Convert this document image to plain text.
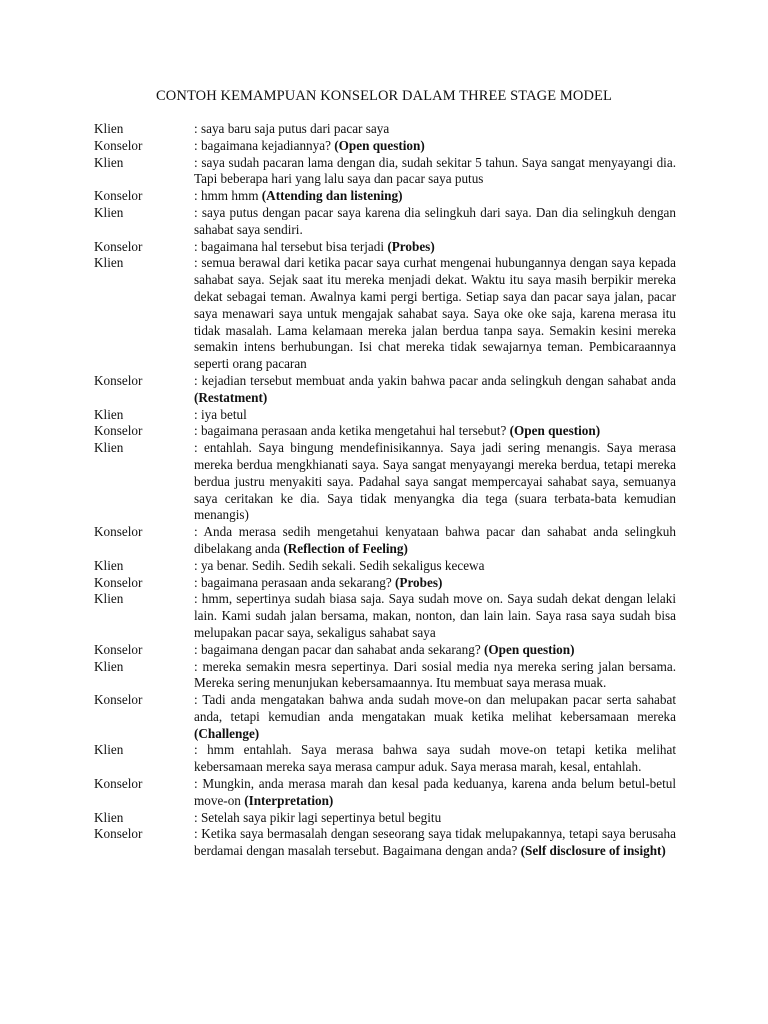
CONTOH KEMAMPUAN KONSELOR DALAM THREE STAGE MODEL
Klien	: saya baru saja putus dari pacar saya
Konselor	: bagaimana kejadiannya? (Open question)
Klien	: saya sudah pacaran lama dengan dia, sudah sekitar 5 tahun. Saya sangat menyayangi dia. Tapi beberapa hari yang lalu saya dan pacar saya putus
Konselor	: hmm hmm (Attending dan listening)
Klien	: saya putus dengan pacar saya karena dia selingkuh dari saya. Dan dia selingkuh dengan sahabat saya sendiri.
Konselor	: bagaimana hal tersebut bisa terjadi (Probes)
Klien	: semua berawal dari ketika pacar saya curhat mengenai hubungannya dengan saya kepada sahabat saya. Sejak saat itu mereka menjadi dekat. Waktu itu saya masih berpikir mereka dekat sebagai teman. Awalnya kami pergi bertiga. Setiap saya dan pacar saya jalan, pacar saya menawari saya untuk mengajak sahabat saya. Saya oke oke saja, karena merasa itu tidak masalah. Lama kelamaan mereka jalan berdua tanpa saya. Semakin kesini mereka semakin intens berhubungan. Isi chat mereka tidak sewajarnya teman. Pembicaraannya seperti orang pacaran
Konselor	: kejadian tersebut membuat anda yakin bahwa pacar anda selingkuh dengan sahabat anda (Restatment)
Klien	: iya betul
Konselor	: bagaimana perasaan anda ketika mengetahui hal tersebut? (Open question)
Klien	: entahlah. Saya bingung mendefinisikannya. Saya jadi sering menangis. Saya merasa mereka berdua mengkhianati saya. Saya sangat menyayangi mereka berdua, tetapi mereka berdua justru menyakiti saya. Padahal saya sangat mempercayai sahabat saya, semuanya saya ceritakan ke dia. Saya tidak menyangka dia tega (suara terbata-bata kemudian menangis)
Konselor	: Anda merasa sedih mengetahui kenyataan bahwa pacar dan sahabat anda selingkuh dibelakang anda (Reflection of Feeling)
Klien	: ya benar. Sedih. Sedih sekali. Sedih sekaligus kecewa
Konselor	: bagaimana perasaan anda sekarang? (Probes)
Klien	: hmm, sepertinya sudah biasa saja. Saya sudah move on. Saya sudah dekat dengan lelaki lain. Kami sudah jalan bersama, makan, nonton, dan lain lain. Saya rasa saya sudah bisa melupakan pacar saya, sekaligus sahabat saya
Konselor	: bagaimana dengan pacar dan sahabat anda sekarang? (Open question)
Klien	: mereka semakin mesra sepertinya. Dari sosial media nya mereka sering jalan bersama. Mereka sering menunjukan kebersamaannya. Itu membuat saya merasa muak.
Konselor	: Tadi anda mengatakan bahwa anda sudah move-on dan melupakan pacar serta sahabat anda, tetapi kemudian anda mengatakan muak ketika melihat kebersamaan mereka (Challenge)
Klien	: hmm entahlah. Saya merasa bahwa saya sudah move-on tetapi ketika melihat kebersamaan mereka saya merasa campur aduk. Saya merasa marah, kesal, entahlah.
Konselor	: Mungkin, anda merasa marah dan kesal pada keduanya, karena anda belum betul-betul move-on (Interpretation)
Klien	: Setelah saya pikir lagi sepertinya betul begitu
Konselor	: Ketika saya bermasalah dengan seseorang saya tidak melupakannya, tetapi saya berusaha berdamai dengan masalah tersebut. Bagaimana dengan anda? (Self disclosure of insight)
